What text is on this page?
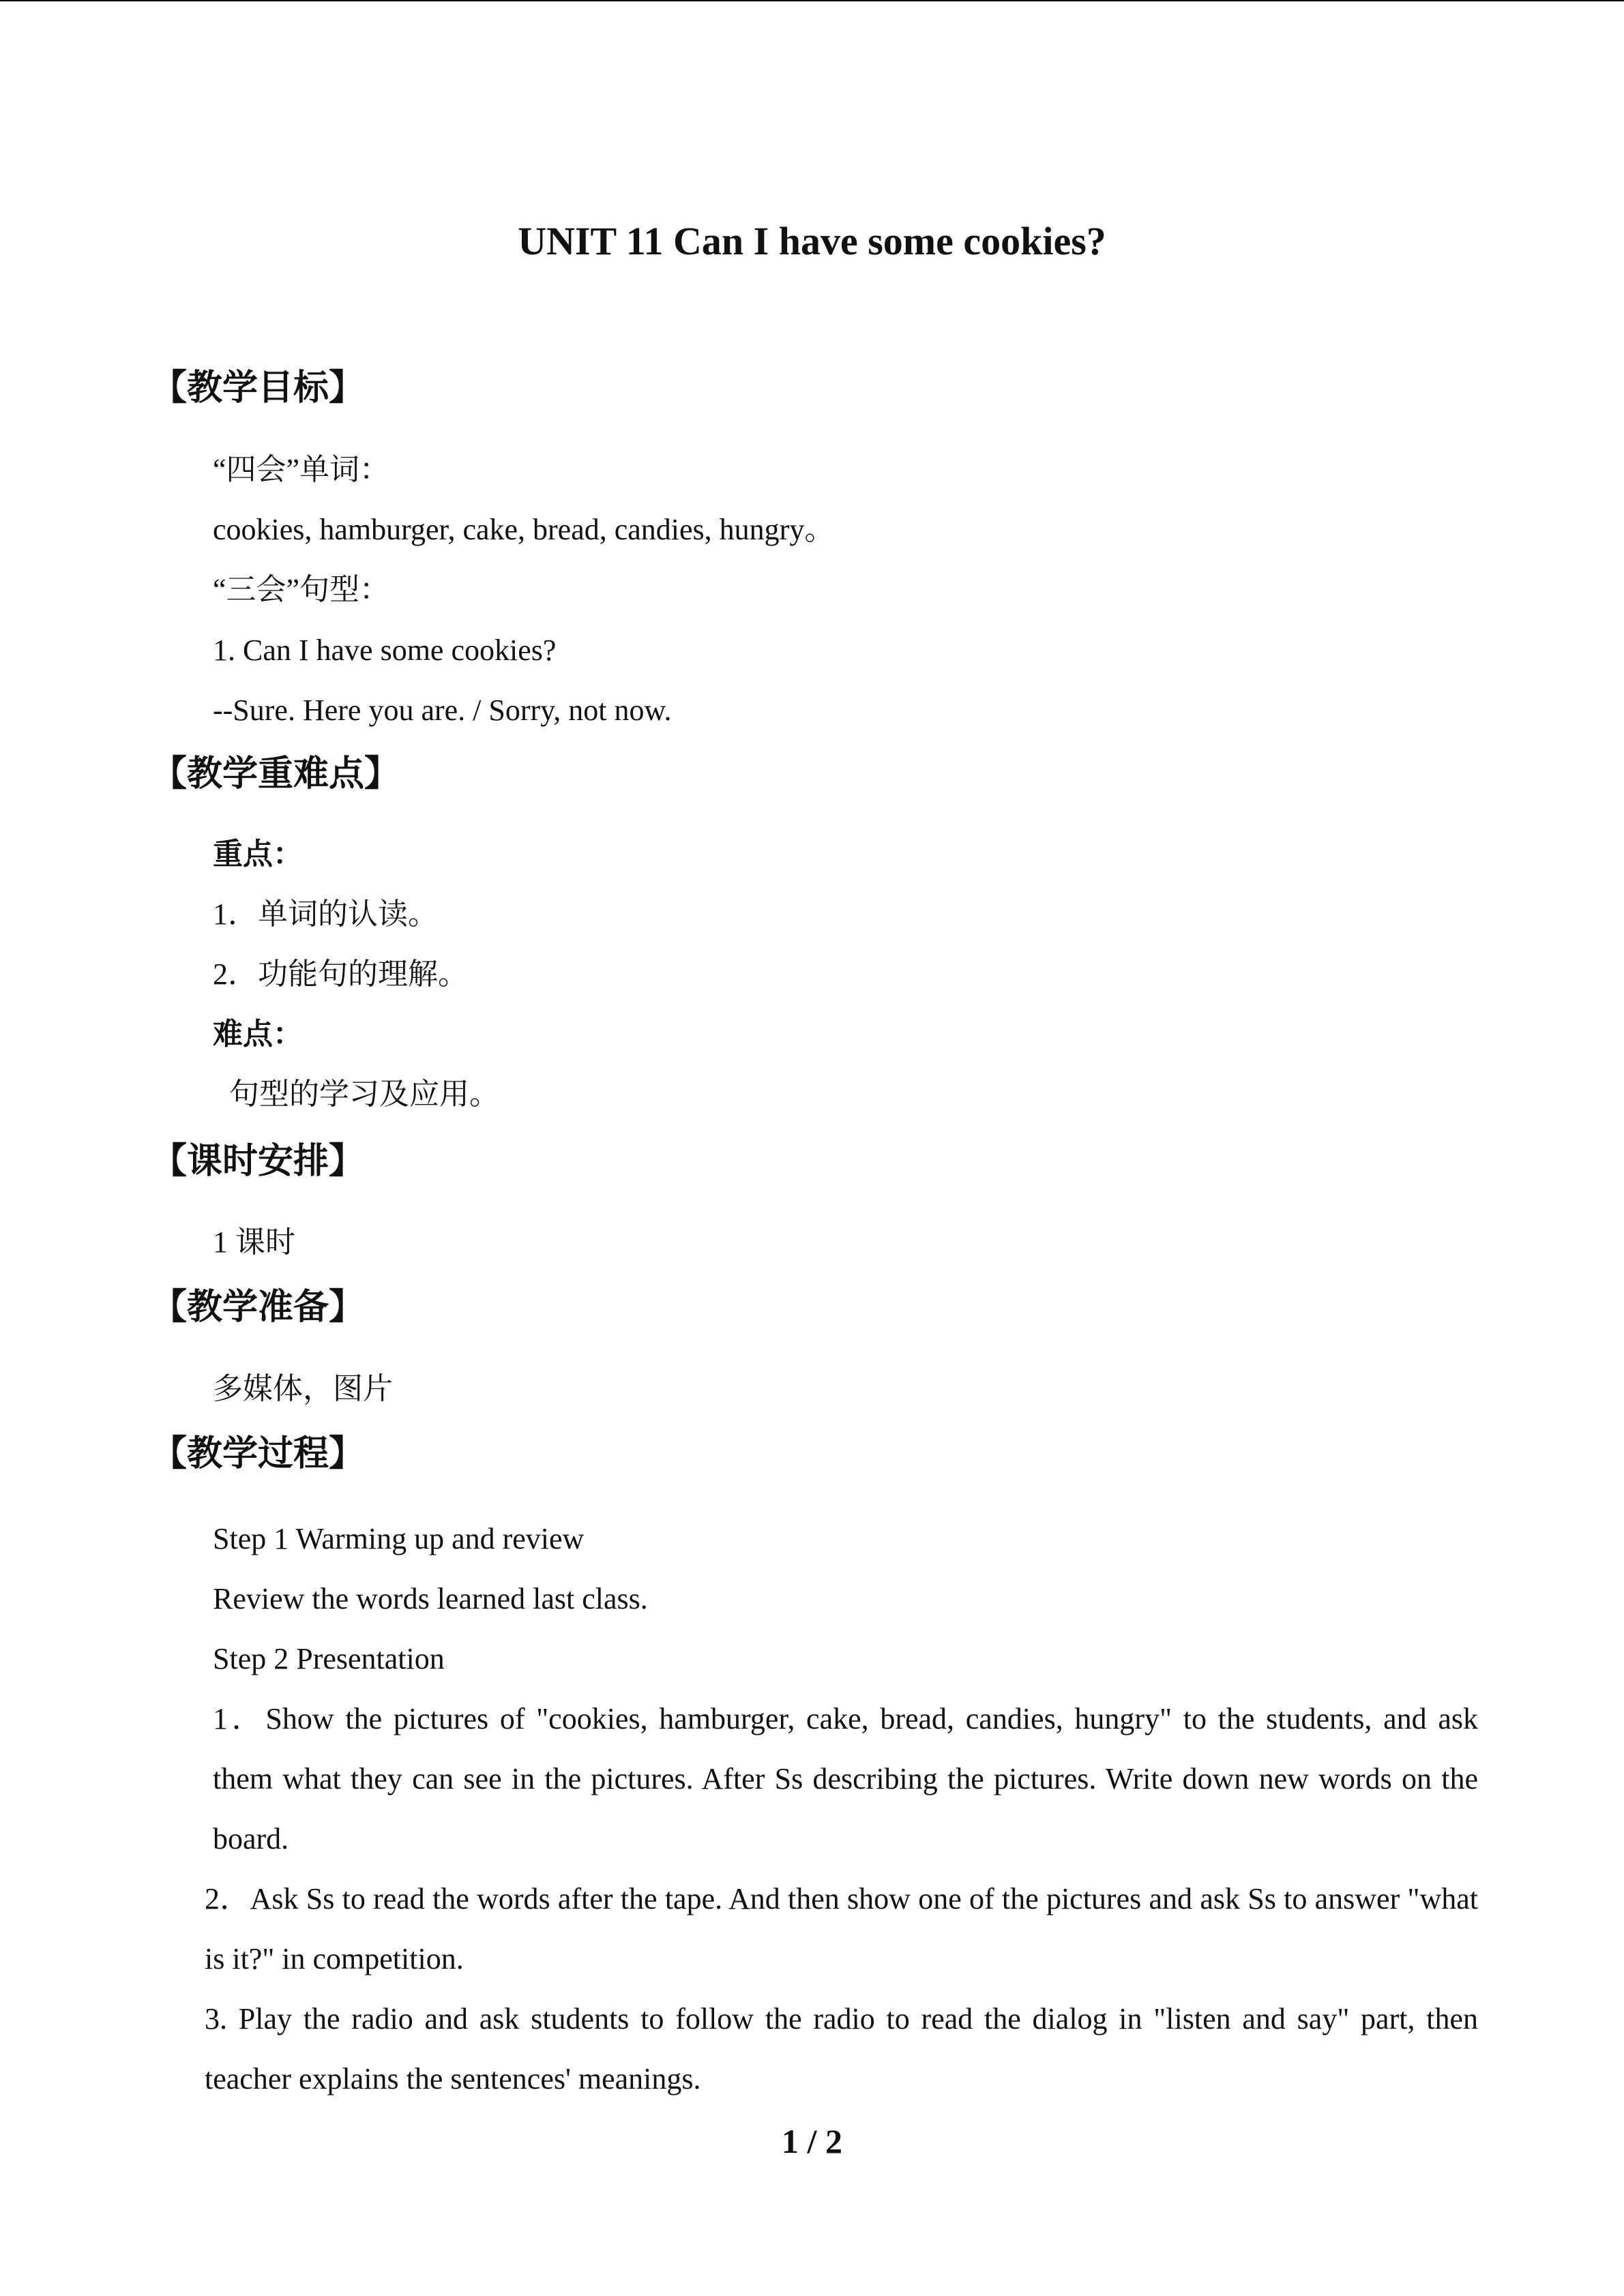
UNIT 11 Can I have some cookies?
【教学目标】
“四会”单词：
cookies, hamburger, cake, bread, candies, hungry。
“三会”句型：
1. Can I have some cookies?
--Sure. Here you are. / Sorry, not now.
【教学重难点】
重点：
1．单词的认读。
2．功能句的理解。
难点：
句型的学习及应用。
【课时安排】
1 课时
【教学准备】
多媒体，图片
【教学过程】
Step 1 Warming up and review
Review the words learned last class.
Step 2 Presentation
1．Show the pictures of "cookies, hamburger, cake, bread, candies, hungry" to the students, and ask them what they can see in the pictures. After Ss describing the pictures. Write down new words on the board.
2．Ask Ss to read the words after the tape. And then show one of the pictures and ask Ss to answer "what is it?" in competition.
3. Play the radio and ask students to follow the radio to read the dialog in "listen and say" part, then teacher explains the sentences' meanings.
1 / 2
